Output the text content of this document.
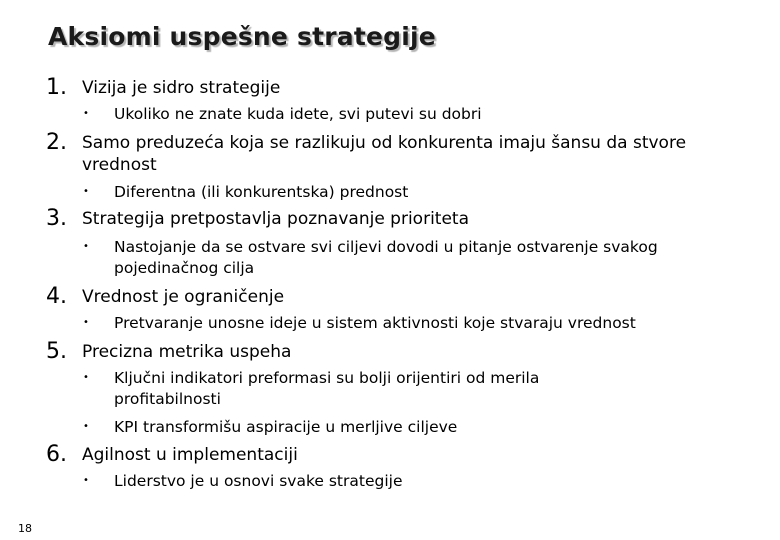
Aksiomi uspešne strategije
1. Vizija je sidro strategije
• Ukoliko ne znate kuda idete, svi putevi su dobri
2. Samo preduzeća koja se razlikuju od konkurenta imaju šansu da stvore vrednost
• Diferentna (ili konkurentska) prednost
3. Strategija pretpostavlja poznavanje prioriteta
• Nastojanje da se ostvare svi ciljevi dovodi u pitanje ostvarenje svakog pojedinačnog cilja
4. Vrednost je ograničenje
• Pretvaranje unosne ideje u sistem aktivnosti koje stvaraju vrednost
5. Precizna metrika uspeha
• Ključni indikatori preformasi su bolji orijentiri od merila profitabilnosti
• KPI transformišu aspiracije u merljive ciljeve
6. Agilnost u implementaciji
• Liderstvo je u osnovi svake strategije
18
